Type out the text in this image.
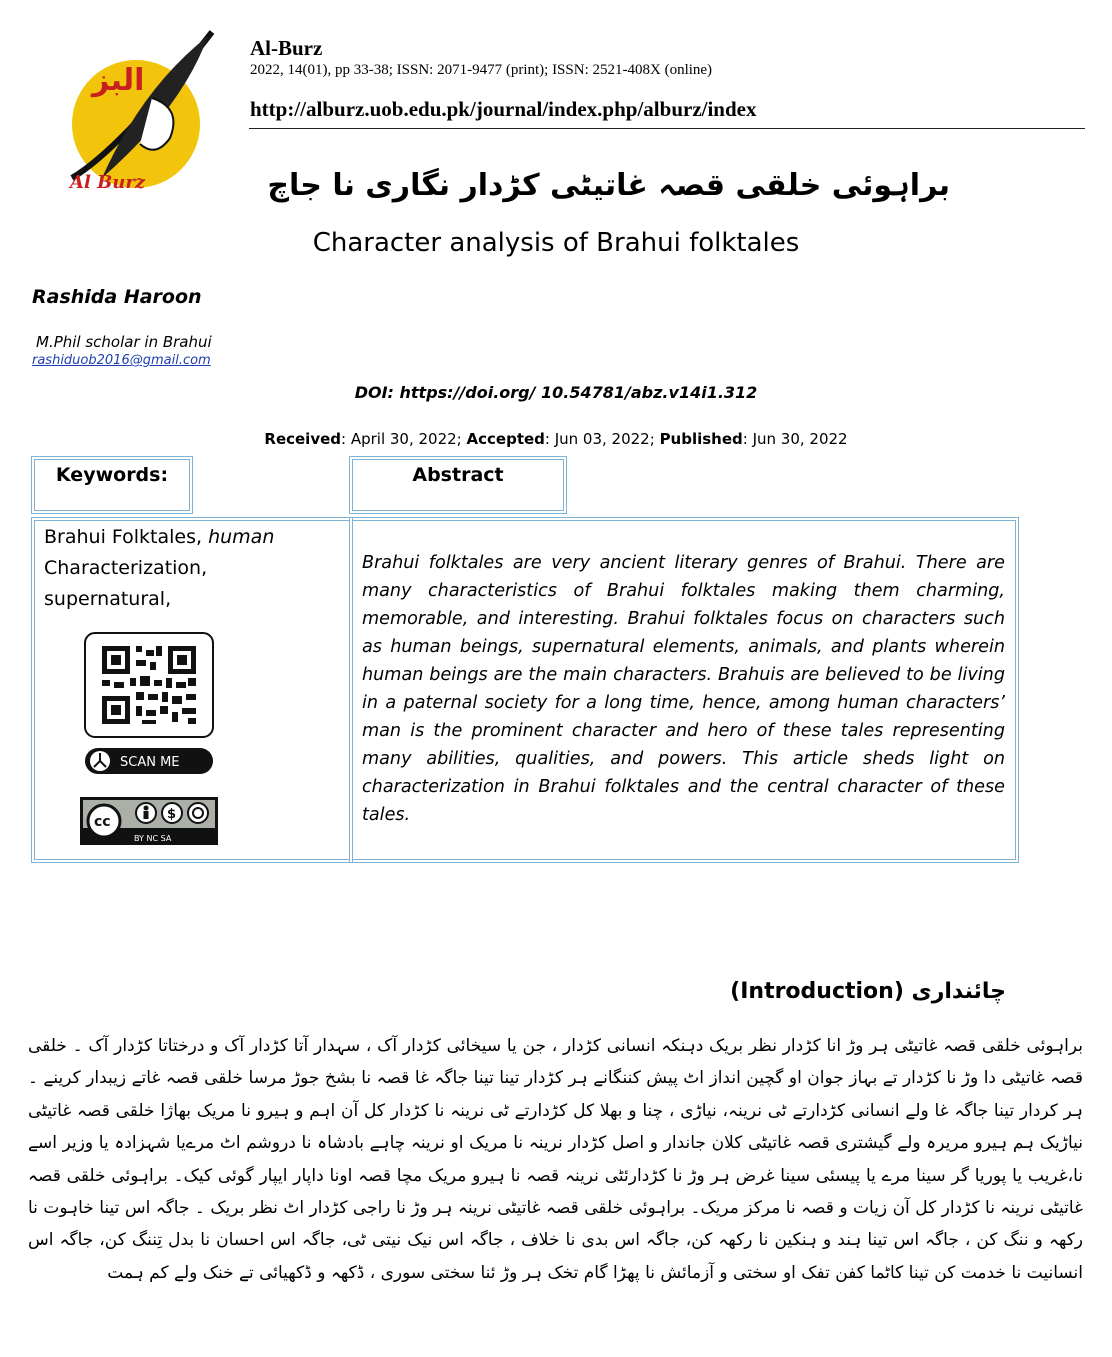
البز
Al Burz
Al-Burz
2022, 14(01), pp 33-38; ISSN: 2071-9477 (print); ISSN: 2521-408X (online)
http://alburz.uob.edu.pk/journal/index.php/alburz/index
براہوئی خلقی قصہ غاتیٹی کڑدار نگاری نا جاچ
Character analysis of Brahui folktales
Rashida Haroon
M.Phil scholar in Brahui
rashiduob2016@gmail.com
DOI: https://doi.org/ 10.54781/abz.v14i1.312
Received: April 30, 2022; Accepted: Jun 03, 2022; Published: Jun 30, 2022
Keywords:	Abstract
Brahui Folktales, human
Characterization,
supernatural,
Brahui folktales are very ancient literary genres of Brahui. There are many characteristics of Brahui folktales making them charming, memorable, and interesting. Brahui folktales focus on characters such as human beings, supernatural elements, animals, and plants wherein human beings are the main characters. Brahuis are believed to be living in a paternal society for a long time, hence, among human characters’ man is the prominent character and hero of these tales representing many abilities, qualities, and powers. This article sheds light on characterization in Brahui folktales and the central character of these tales.
SCAN ME
cc	$
BY NC SA
چائنداری (Introduction)
براہوئی خلقی قصہ غاتیٹی ہر وڑ انا کڑدار نظر بریک دہنکہ انسانی کڑدار ، جن یا سیخائی کڑدار آک ، سہدار آتا کڑدار آک و درختاتا کڑدار آک ۔ خلقی قصہ غاتیٹی دا وڑ نا کڑدار تے بہاز جوان او گچین انداز اٹ پیش کننگانے ہر کڑدار تینا تینا جاگہ غا قصہ نا بشخ جوڑ مرسا خلقی قصہ غاتے زیبدار کرینے ۔ ہر کردار تینا جاگہ غا ولے انسانی کڑدارتے ٹی نرینہ، نیاڑی ، چنا و بھلا کل کڑدارتے ٹی نرینہ نا کڑدار کل آن اہم و ہیرو نا مریک بھاژا خلقی قصہ غاتیٹی نیاڑیک ہم ہیرو مریرہ ولے گیشتری قصہ غاتیٹی کلان جاندار و اصل کڑدار نرینہ نا مریک او نرینہ چاہے بادشاہ نا دروشم اٹ مرےیا شہزادہ یا وزیر اسے نا،غریب یا پوریا گر سینا مرے یا پیسئی سینا غرض ہر وڑ نا کڑدارئٹی نرینہ قصہ نا ہیرو مریک مچا قصہ اونا داپار ایپار گوئی کیک۔ براہوئی خلقی قصہ غاتیٹی نرینہ نا کڑدار کل آن زیات و قصہ نا مرکز مریک۔ براہوئی خلقی قصہ غاتیٹی نرینہ ہر وڑ نا راجی کڑدار اٹ نظر بریک ۔ جاگہ اس تینا خاہوت نا رکھہ و ننگ کن ، جاگہ اس تینا ہند و ہنکین نا رکھہ کن، جاگہ اس بدی نا خلاف ، جاگہ اس نیک نیتی ٹی، جاگہ اس احسان نا بدل تِننگ کن، جاگہ اس انسانیت نا خدمت کن تینا کاٹما کفن تفک او سختی و آزمائش نا پھڑا گام تخک ہر وڑ ئنا سختی سوری ، ڈکھہ و ڈکھیائی تے خنک ولے کم ہمت
